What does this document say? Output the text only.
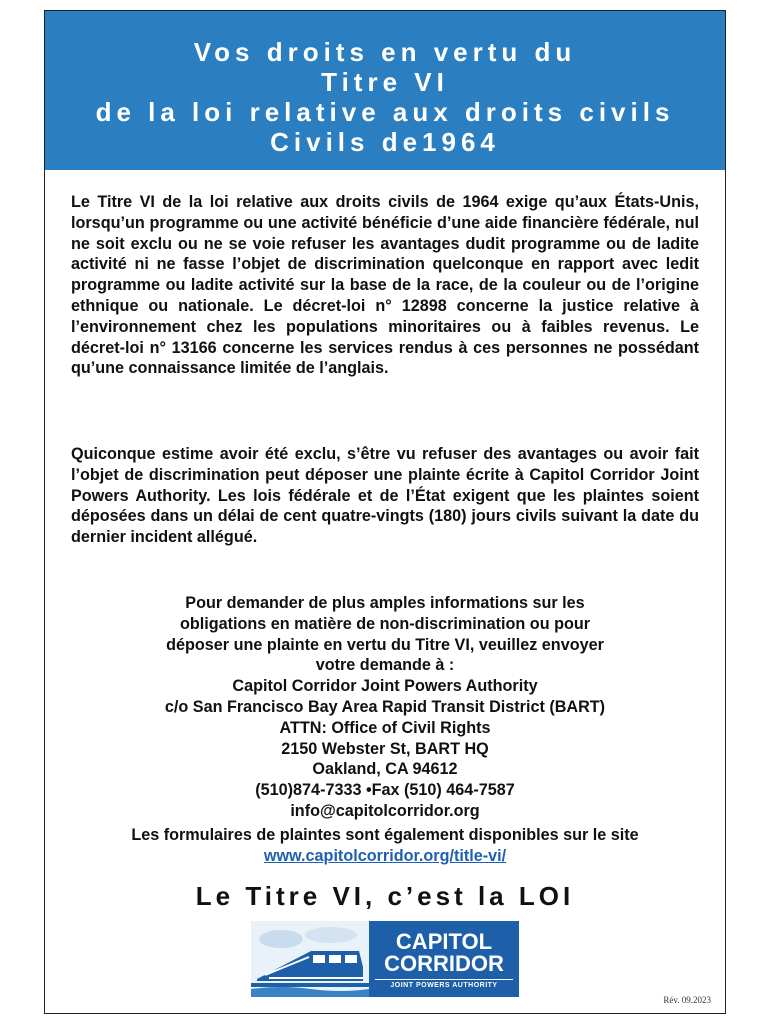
Vos droits en vertu du
Titre VI
de la loi relative aux droits civils
Civils de1964

Le Titre VI de la loi relative aux droits civils de 1964 exige qu’aux États-Unis, lorsqu’un programme ou une activité bénéficie d’une aide financière fédérale, nul ne soit exclu ou ne se voie refuser les avantages dudit programme ou de ladite activité ni ne fasse l’objet de discrimination quelconque en rapport avec ledit programme ou ladite activité sur la base de la race, de la couleur ou de l’origine ethnique ou nationale. Le décret-loi n° 12898 concerne la justice relative à l’environnement chez les populations minoritaires ou à faibles revenus. Le décret-loi n° 13166 concerne les services rendus à ces personnes ne possédant qu’une connaissance limitée de l’anglais.

Quiconque estime avoir été exclu, s’être vu refuser des avantages ou avoir fait l’objet de discrimination peut déposer une plainte écrite à Capitol Corridor Joint Powers Authority. Les lois fédérale et de l’État exigent que les plaintes soient déposées dans un délai de cent quatre-vingts (180) jours civils suivant la date du dernier incident allégué.

Pour demander de plus amples informations sur les
obligations en matière de non-discrimination ou pour
déposer une plainte en vertu du Titre VI, veuillez envoyer
votre demande à :
Capitol Corridor Joint Powers Authority
c/o San Francisco Bay Area Rapid Transit District (BART)
ATTN: Office of Civil Rights
2150 Webster St, BART HQ
Oakland, CA 94612
(510)874-7333 •Fax (510) 464-7587
info@capitolcorridor.org
Les formulaires de plaintes sont également disponibles sur le site www.capitolcorridor.org/title-vi/
Le Titre VI, c’est la LOI
CAPITOL
CORRIDOR
JOINT POWERS AUTHORITY
Rév. 09.2023
